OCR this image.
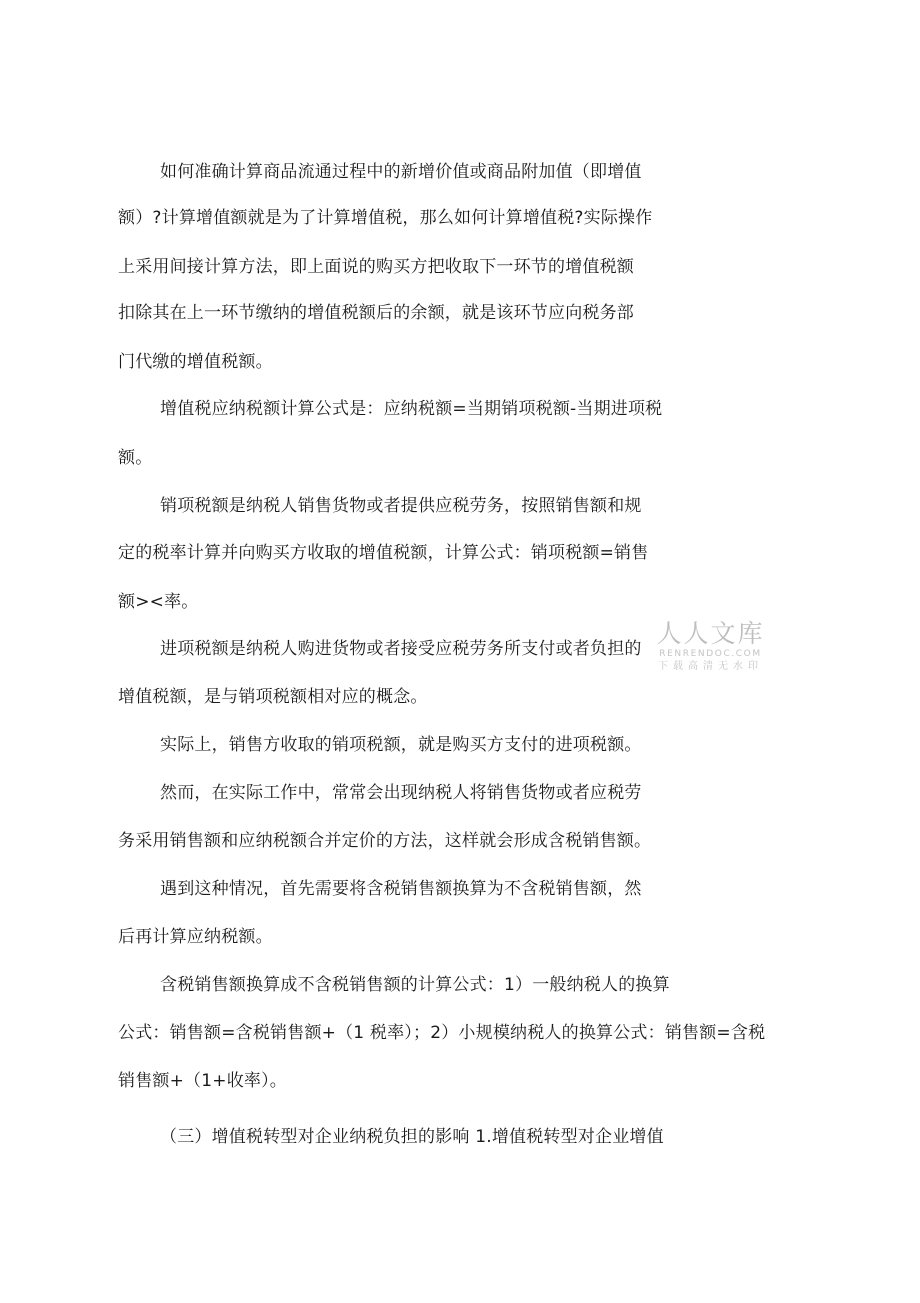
如何准确计算商品流通过程中的新增价值或商品附加值（即增值
额）?计算增值额就是为了计算增值税，那么如何计算增值税?实际操作
上采用间接计算方法，即上面说的购买方把收取下一环节的增值税额
扣除其在上一环节缴纳的增值税额后的余额，就是该环节应向税务部
门代缴的增值税额。
增值税应纳税额计算公式是：应纳税额=当期销项税额-当期进项税
额。
销项税额是纳税人销售货物或者提供应税劳务，按照销售额和规
定的税率计算并向购买方收取的增值税额，计算公式：销项税额=销售
额><率。
进项税额是纳税人购进货物或者接受应税劳务所支付或者负担的
增值税额，是与销项税额相对应的概念。
实际上，销售方收取的销项税额，就是购买方支付的进项税额。
然而，在实际工作中，常常会出现纳税人将销售货物或者应税劳
务采用销售额和应纳税额合并定价的方法，这样就会形成含税销售额。
遇到这种情况，首先需要将含税销售额换算为不含税销售额，然
后再计算应纳税额。
含税销售额换算成不含税销售额的计算公式：1）一般纳税人的换算
公式：销售额=含税销售额+（1 税率）；2）小规模纳税人的换算公式：销售额=含税
销售额+（1+收率）。
（三）增值税转型对企业纳税负担的影响 1.增值税转型对企业增值
人人文库
RENRENDOC.COM
下载高清无水印
